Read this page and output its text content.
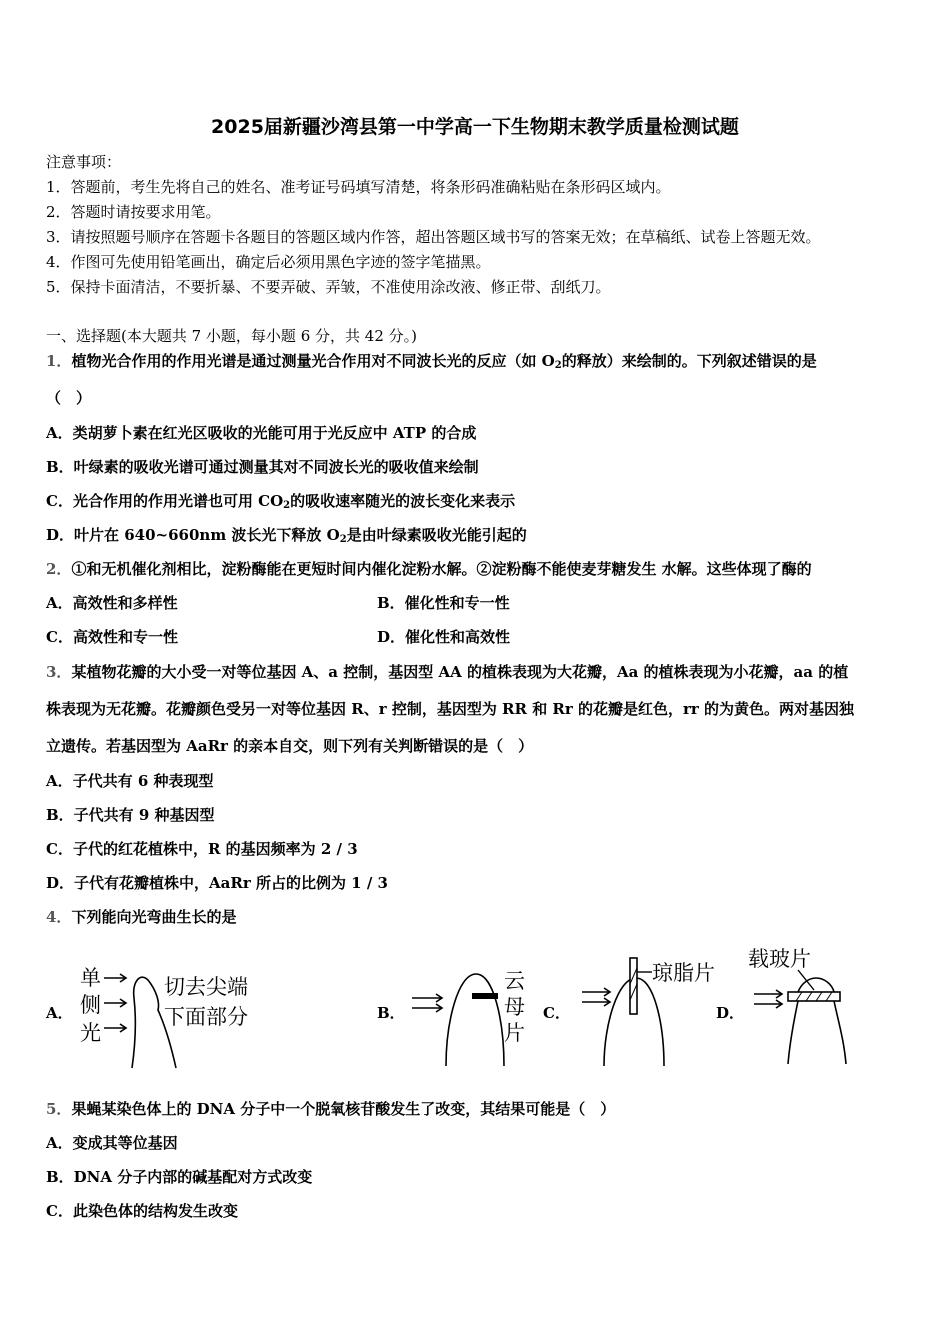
2025届新疆沙湾县第一中学高一下生物期末教学质量检测试题
注意事项：
1．答题前，考生先将自己的姓名、准考证号码填写清楚，将条形码准确粘贴在条形码区域内。
2．答题时请按要求用笔。
3．请按照题号顺序在答题卡各题目的答题区域内作答，超出答题区域书写的答案无效；在草稿纸、试卷上答题无效。
4．作图可先使用铅笔画出，确定后必须用黑色字迹的签字笔描黑。
5．保持卡面清洁，不要折暴、不要弄破、弄皱，不准使用涂改液、修正带、刮纸刀。
一、选择题(本大题共 7 小题，每小题 6 分，共 42 分。)
1．植物光合作用的作用光谱是通过测量光合作用对不同波长光的反应（如 $O_2$的释放）来绘制的。下列叙述错误的是
（　）
A．类胡萝卜素在红光区吸收的光能可用于光反应中 ATP 的合成
B．叶绿素的吸收光谱可通过测量其对不同波长光的吸收值来绘制
C．光合作用的作用光谱也可用 $CO_2$的吸收速率随光的波长变化来表示
D．叶片在 640~660nm 波长光下释放 $O_2$是由叶绿素吸收光能引起的
2．①和无机催化剂相比，淀粉酶能在更短时间内催化淀粉水解。②淀粉酶不能使麦芽糖发生 水解。这些体现了酶的
A．高效性和多样性	B．催化性和专一性
C．高效性和专一性	D．催化性和高效性
3．某植物花瓣的大小受一对等位基因 A、a 控制，基因型 AA 的植株表现为大花瓣，Aa 的植株表现为小花瓣，aa 的植
株表现为无花瓣。花瓣颜色受另一对等位基因 R、r 控制，基因型为 RR 和 Rr 的花瓣是红色，rr 的为黄色。两对基因独
立遗传。若基因型为 AaRr 的亲本自交，则下列有关判断错误的是（　）
A．子代共有 6 种表现型
B．子代共有 9 种基因型
C．子代的红花植株中，R 的基因频率为 2 / 3
D．子代有花瓣植株中，AaRr 所占的比例为 1 / 3
4．下列能向光弯曲生长的是
A．	B．	C．	D．
单
侧
光
切去尖端
下面部分
云
母
片
琼脂片
载玻片
5．果蝇某染色体上的 DNA 分子中一个脱氧核苷酸发生了改变，其结果可能是（　）
A．变成其等位基因
B．DNA 分子内部的碱基配对方式改变
C．此染色体的结构发生改变
